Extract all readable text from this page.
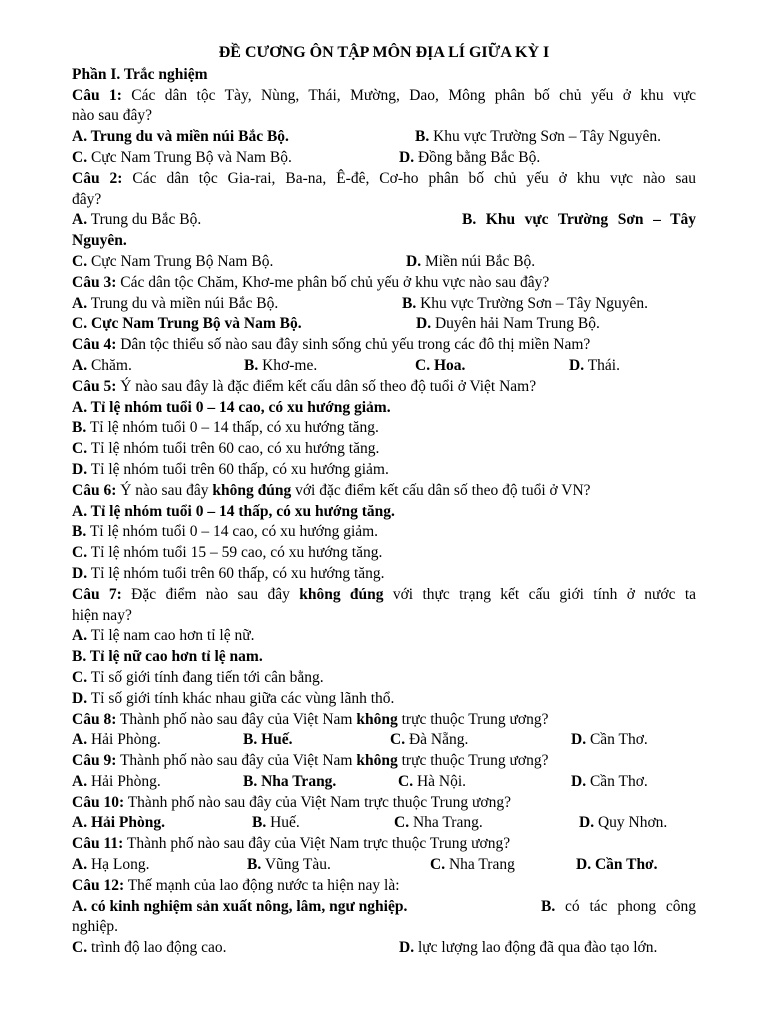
ĐỀ CƯƠNG ÔN TẬP MÔN ĐỊA LÍ GIỮA KỲ I
Phần I. Trắc nghiệm
Câu 1: Các dân tộc Tày, Nùng, Thái, Mường, Dao, Mông phân bố chủ yếu ở khu vực
nào sau đây?
A. Trung du và miền núi Bắc Bộ.	B. Khu vực Trường Sơn – Tây Nguyên.
C. Cực Nam Trung Bộ và Nam Bộ.	D. Đồng bằng Bắc Bộ.
Câu 2: Các dân tộc Gia-rai, Ba-na, Ê-đê, Cơ-ho phân bố chủ yếu ở khu vực nào sau
đây?
A. Trung du Bắc Bộ.	B. Khu vực Trường Sơn – Tây
Nguyên.
C. Cực Nam Trung Bộ Nam Bộ.	D. Miền núi Bắc Bộ.
Câu 3: Các dân tộc Chăm, Khơ-me phân bố chủ yếu ở khu vực nào sau đây?
A. Trung du và miền núi Bắc Bộ.	B. Khu vực Trường Sơn – Tây Nguyên.
C. Cực Nam Trung Bộ và Nam Bộ.	D. Duyên hải Nam Trung Bộ.
Câu 4: Dân tộc thiểu số nào sau đây sinh sống chủ yếu trong các đô thị miền Nam?
A. Chăm.	B. Khơ-me.	C. Hoa.	D. Thái.
Câu 5: Ý nào sau đây là đặc điểm kết cấu dân số theo độ tuổi ở Việt Nam?
A. Tỉ lệ nhóm tuổi 0 – 14 cao, có xu hướng giảm.
B. Tỉ lệ nhóm tuổi 0 – 14 thấp, có xu hướng tăng.
C. Tỉ lệ nhóm tuổi trên 60 cao, có xu hướng tăng.
D. Tỉ lệ nhóm tuổi trên 60 thấp, có xu hướng giảm.
Câu 6: Ý nào sau đây không đúng với đặc điểm kết cấu dân số theo độ tuổi ở VN?
A. Tỉ lệ nhóm tuổi 0 – 14 thấp, có xu hướng tăng.
B. Tỉ lệ nhóm tuổi 0 – 14 cao, có xu hướng giảm.
C. Tỉ lệ nhóm tuổi 15 – 59 cao, có xu hướng tăng.
D. Tỉ lệ nhóm tuổi trên 60 thấp, có xu hướng tăng.
Câu 7: Đặc điểm nào sau đây không đúng với thực trạng kết cấu giới tính ở nước ta
hiện nay?
A. Tỉ lệ nam cao hơn tỉ lệ nữ.
B. Tỉ lệ nữ cao hơn tỉ lệ nam.
C. Tỉ số giới tính đang tiến tới cân bằng.
D. Tỉ số giới tính khác nhau giữa các vùng lãnh thổ.
Câu 8: Thành phố nào sau đây của Việt Nam không trực thuộc Trung ương?
A. Hải Phòng.	B. Huế.	C. Đà Nẵng.	D. Cần Thơ.
Câu 9: Thành phố nào sau đây của Việt Nam không trực thuộc Trung ương?
A. Hải Phòng.	B. Nha Trang.	C. Hà Nội.	D. Cần Thơ.
Câu 10: Thành phố nào sau đây của Việt Nam trực thuộc Trung ương?
A. Hải Phòng.	B. Huế.	C. Nha Trang.	D. Quy Nhơn.
Câu 11: Thành phố nào sau đây của Việt Nam trực thuộc Trung ương?
A. Hạ Long.	B. Vũng Tàu.	C. Nha Trang	D. Cần Thơ.
Câu 12: Thế mạnh của lao động nước ta hiện nay là:
A. có kinh nghiệm sản xuất nông, lâm, ngư nghiệp.	B. có tác phong công
nghiệp.
C. trình độ lao động cao.	D. lực lượng lao động đã qua đào tạo lớn.
